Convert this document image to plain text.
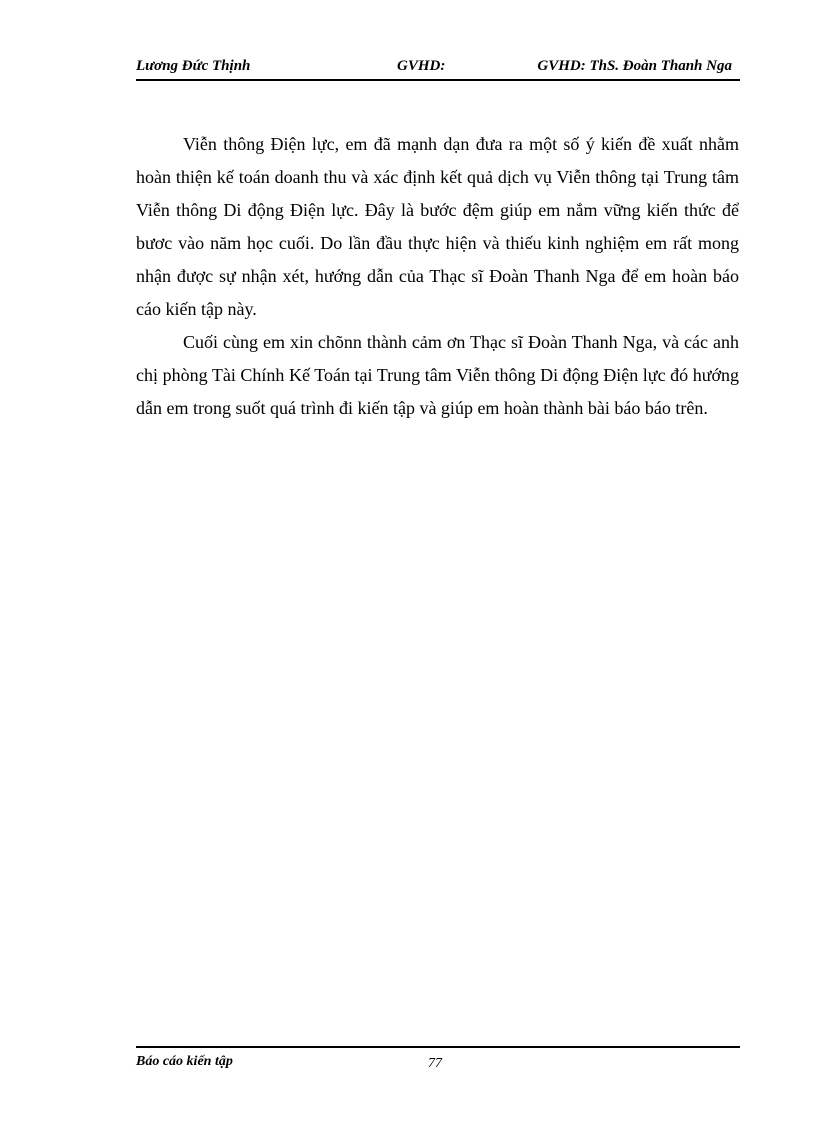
Lương Đức Thịnh	GVHD:	GVHD: ThS. Đoàn Thanh Nga

Viễn thông Điện lực, em đã mạnh dạn đưa ra một số ý kiến đề xuất nhằm hoàn thiện kế toán doanh thu và xác định kết quả dịch vụ Viễn thông tại Trung tâm Viễn thông Di động Điện lực. Đây là bước đệm giúp em nắm vững kiến thức để bươc vào năm học cuối. Do lần đầu thực hiện và thiếu kinh nghiệm em rất mong nhận được sự nhận xét, hướng dẫn của Thạc sĩ Đoàn Thanh Nga để em hoàn báo cáo kiến tập này.

Cuối cùng em xin chõnn thành cảm ơn Thạc sĩ Đoàn Thanh Nga, và các anh chị phòng Tài Chính Kế Toán tại Trung tâm Viễn thông Di động Điện lực đó hướng dẫn em trong suốt quá trình đi kiến tập và giúp em hoàn thành bài báo báo trên.

Báo cáo kiến tập	77
